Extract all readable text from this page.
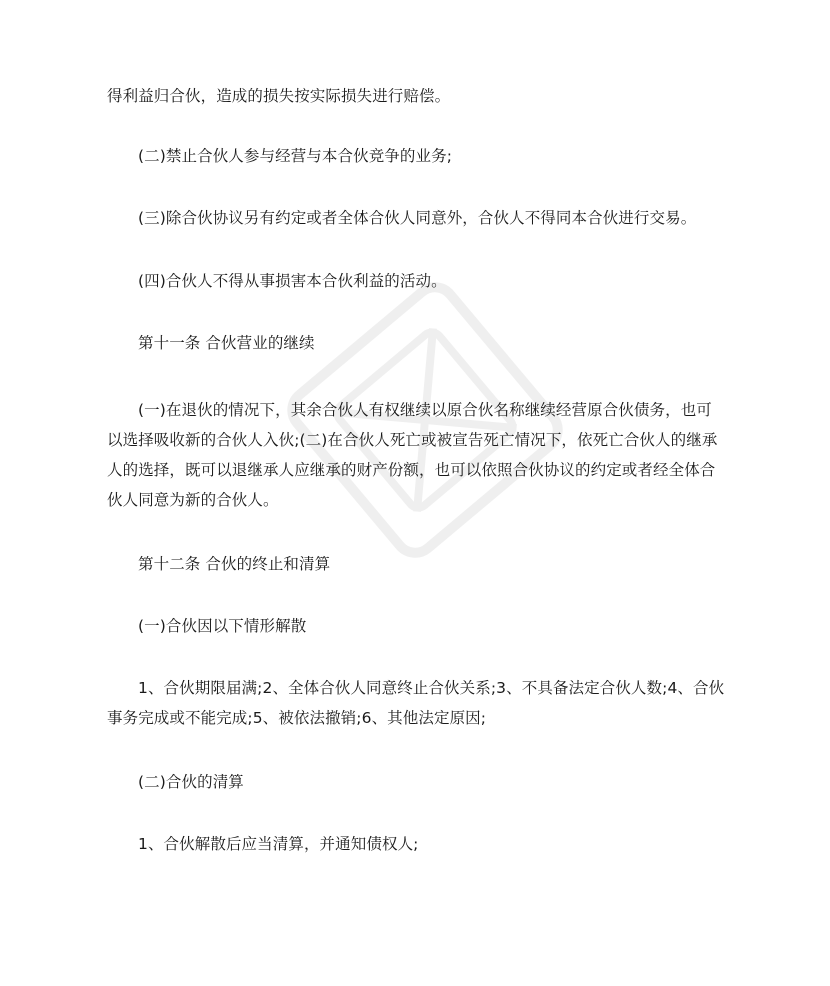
得利益归合伙，造成的损失按实际损失进行赔偿。

(二)禁止合伙人参与经营与本合伙竞争的业务;

(三)除合伙协议另有约定或者全体合伙人同意外，合伙人不得同本合伙进行交易。

(四)合伙人不得从事损害本合伙利益的活动。

第十一条 合伙营业的继续

(一)在退伙的情况下，其余合伙人有权继续以原合伙名称继续经营原合伙债务，也可以选择吸收新的合伙人入伙;(二)在合伙人死亡或被宣告死亡情况下，依死亡合伙人的继承人的选择，既可以退继承人应继承的财产份额，也可以依照合伙协议的约定或者经全体合伙人同意为新的合伙人。

第十二条 合伙的终止和清算

(一)合伙因以下情形解散

1、合伙期限届满;2、全体合伙人同意终止合伙关系;3、不具备法定合伙人数;4、合伙事务完成或不能完成;5、被依法撤销;6、其他法定原因;

(二)合伙的清算

1、合伙解散后应当清算，并通知债权人;
